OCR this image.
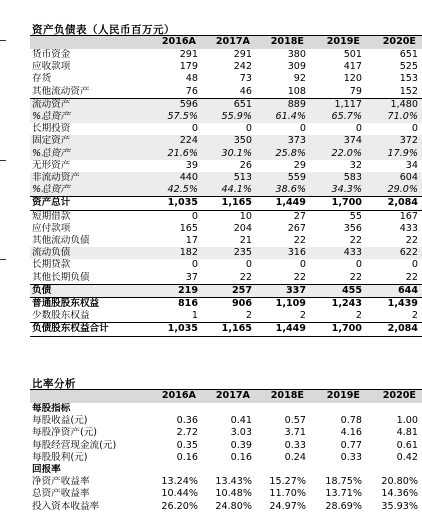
资产负债表（人民币百万元）
	2016A	2017A	2018E	2019E	2020E
货币资金	291	291	380	501	651
应收款项	179	242	309	417	525
存货	48	73	92	120	153
其他流动资产	76	46	108	79	152
流动资产	596	651	889	1,117	1,480
%总资产	57.5%	55.9%	61.4%	65.7%	71.0%
长期投资	0	0	0	0	0
固定资产	224	350	373	374	372
%总资产	21.6%	30.1%	25.8%	22.0%	17.9%
无形资产	39	26	29	32	34
非流动资产	440	513	559	583	604
%总资产	42.5%	44.1%	38.6%	34.3%	29.0%
资产总计	1,035	1,165	1,449	1,700	2,084
短期借款	0	10	27	55	167
应付款项	165	204	267	356	433
其他流动负债	17	21	22	22	22
流动负债	182	235	316	433	622
长期贷款	0	0	0	0	0
其他长期负债	37	22	22	22	22
负债	219	257	337	455	644
普通股股东权益	816	906	1,109	1,243	1,439
少数股东权益	1	2	2	2	2
负债股东权益合计	1,035	1,165	1,449	1,700	2,084
比率分析
	2016A	2017A	2018E	2019E	2020E
每股指标					
每股收益(元)	0.36	0.41	0.57	0.78	1.00
每股净资产(元)	2.72	3.03	3.71	4.16	4.81
每股经营现金流(元)	0.35	0.39	0.33	0.77	0.61
每股股利(元)	0.16	0.16	0.24	0.33	0.42
回报率					
净资产收益率	13.24%	13.43%	15.27%	18.75%	20.80%
总资产收益率	10.44%	10.48%	11.70%	13.71%	14.36%
投入资本收益率	26.20%	24.80%	24.97%	28.69%	35.93%
